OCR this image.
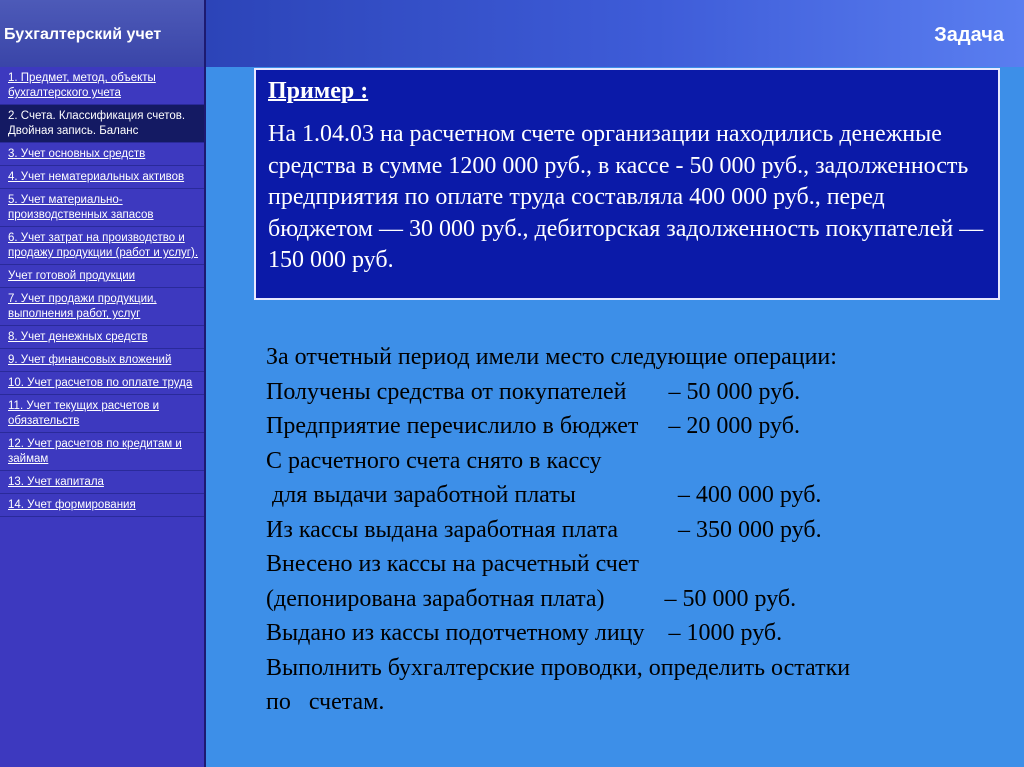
Бухгалтерский учет	Задача
1. Предмет, метод, объекты бухгалтерского учета
2. Счета. Классификация счетов. Двойная запись. Баланс
3. Учет основных средств
4. Учет нематериальных активов
5. Учет материально-производственных запасов
6. Учет затрат на производство и продажу продукции (работ и услуг).
Учет готовой продукции
7. Учет продажи продукции, выполнения работ, услуг
8. Учет денежных средств
9. Учет финансовых вложений
10. Учет расчетов по оплате труда
11. Учет текущих расчетов и обязательств
12. Учет расчетов по кредитам и займам
13. Учет капитала
14. Учет формирования
Пример :
На 1.04.03 на расчетном счете организации находились денежные средства в сумме 1200 000 руб., в кассе - 50 000 руб., задолженность предприятия по оплате труда составляла 400 000 руб., перед бюджетом — 30 000 руб., дебиторская задолженность покупателей —150 000 руб.
За отчетный период имели место следующие операции:
Получены средства от покупателей       – 50 000 руб.
Предприятие перечислило в бюджет     – 20 000 руб.
С расчетного счета снято в кассу
для выдачи заработной платы                 – 400 000 руб.
Из кассы выдана заработная плата          – 350 000 руб.
Внесено из кассы на расчетный счет
(депонирована заработная плата)          – 50 000 руб.
Выдано из кассы подотчетному лицу    – 1000 руб.
Выполнить бухгалтерские проводки, определить остатки
по   счетам.
